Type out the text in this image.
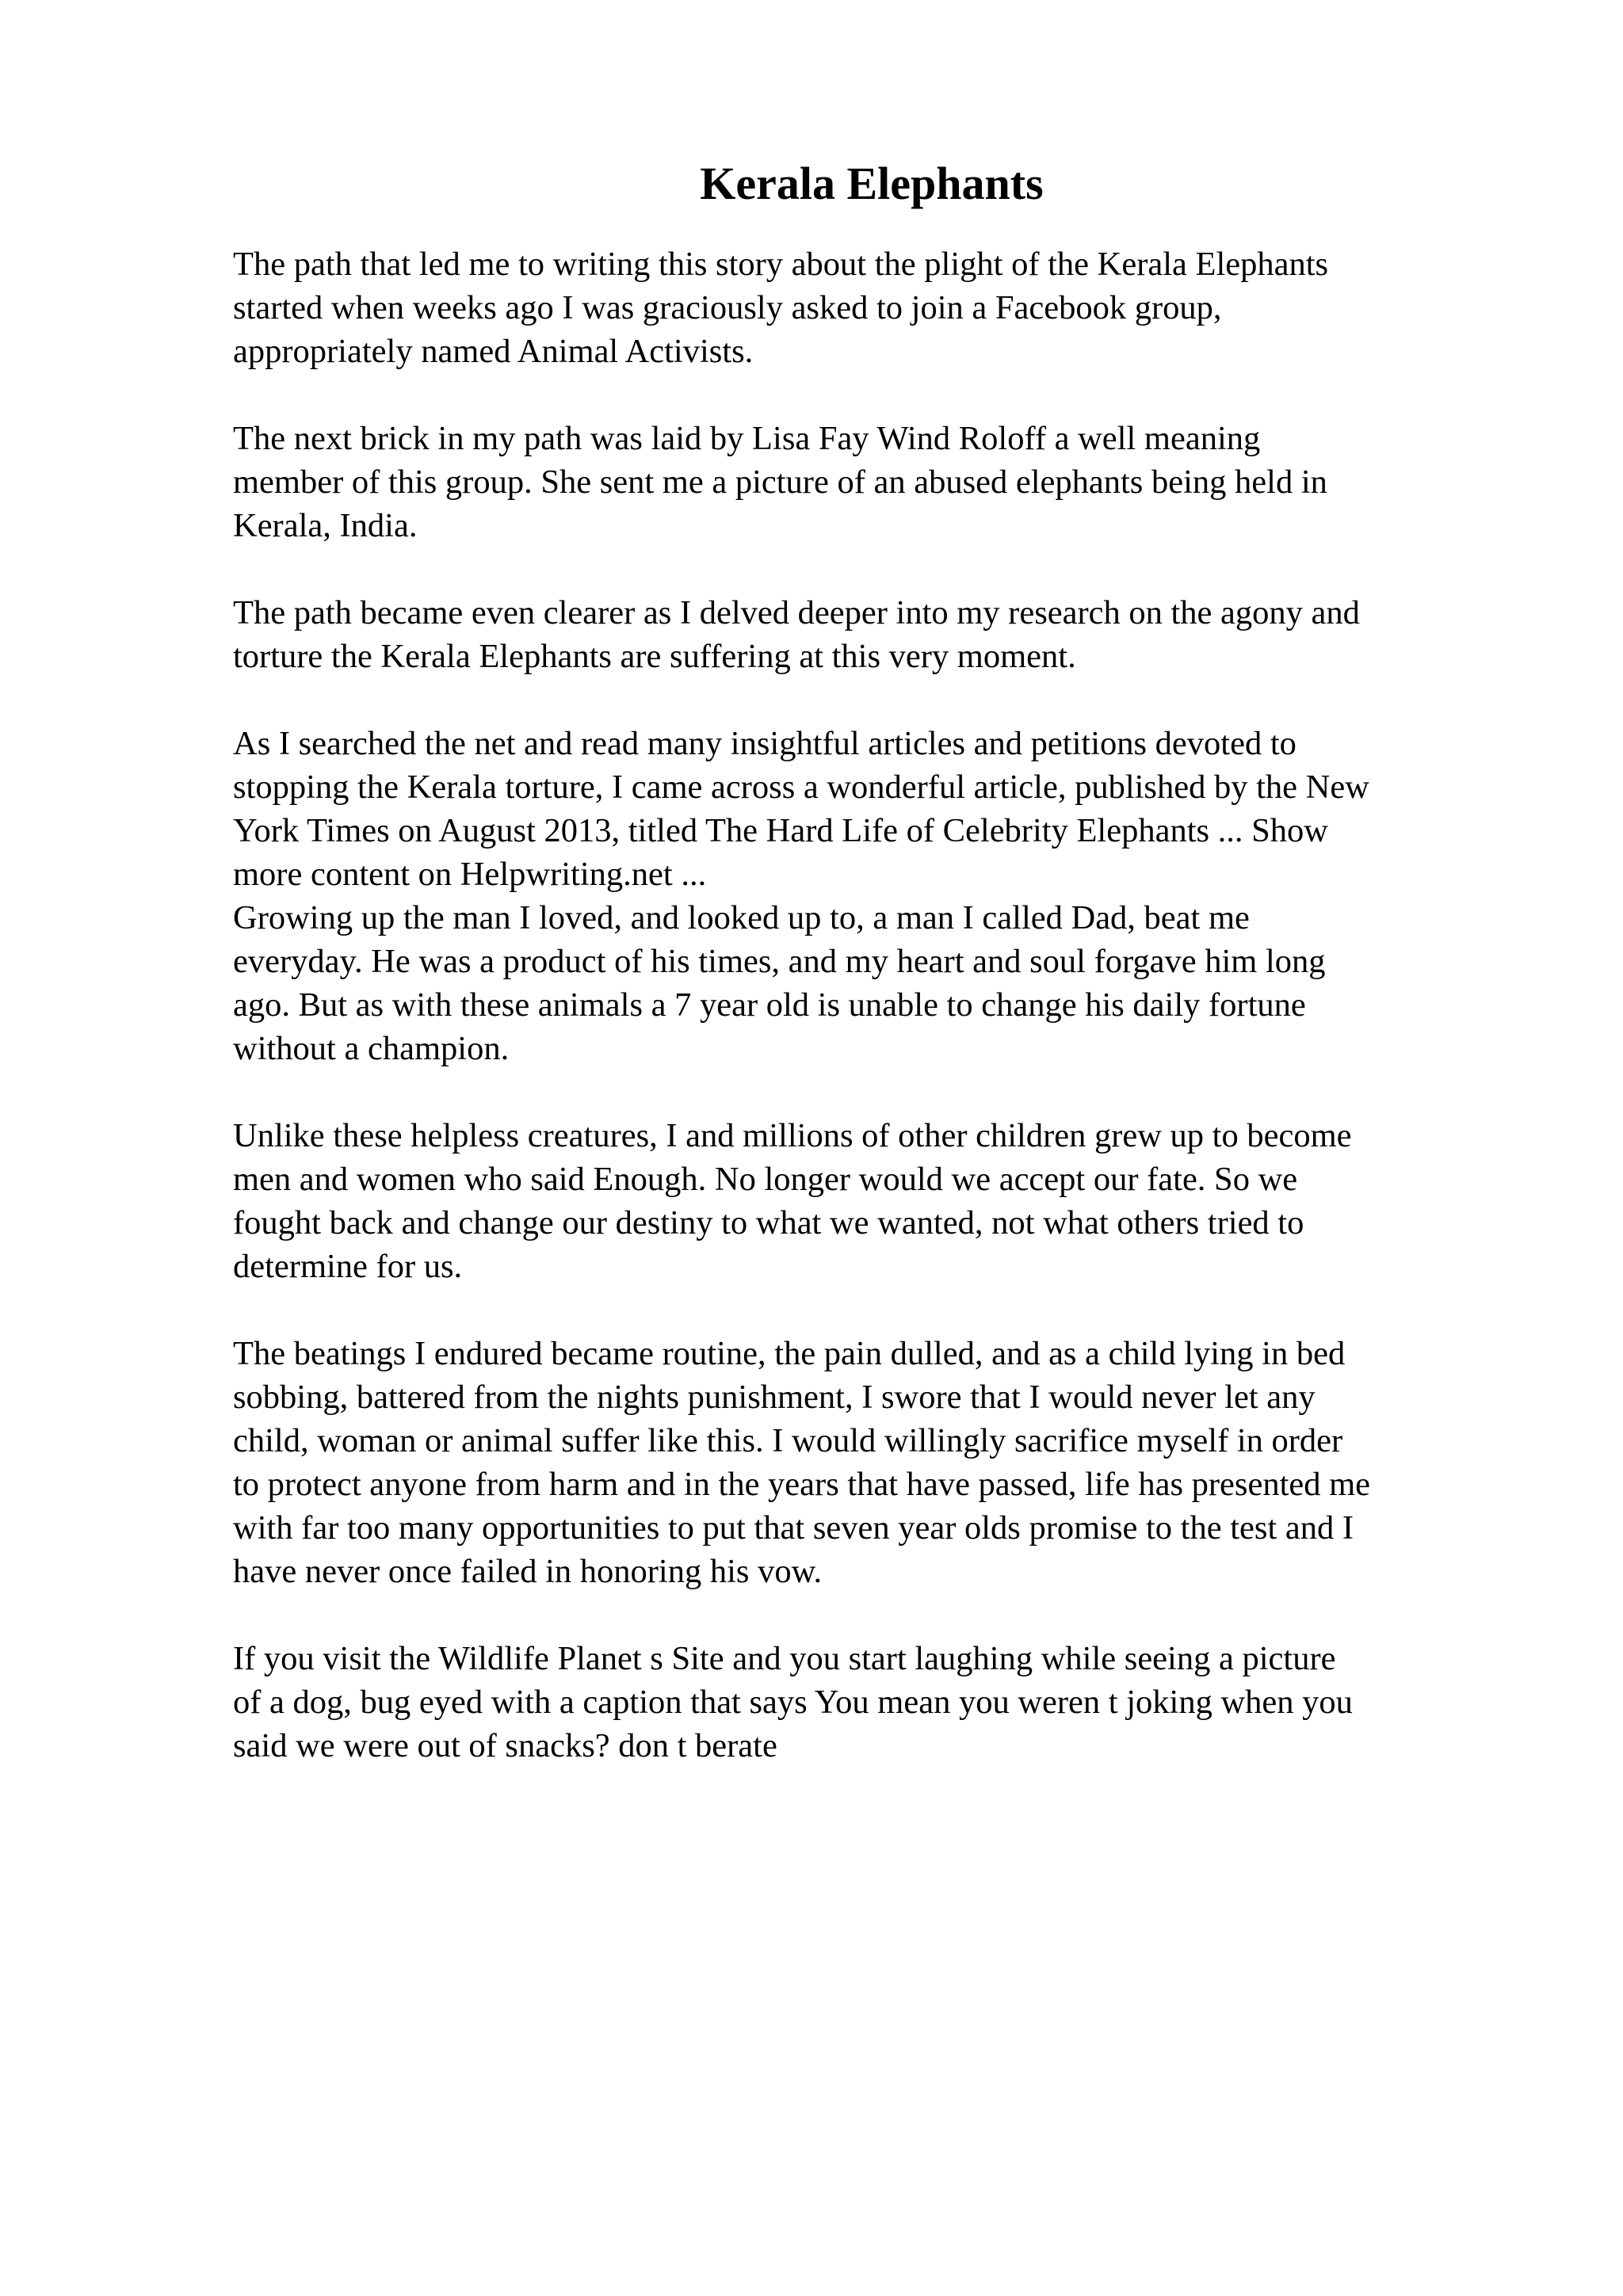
Kerala Elephants

The path that led me to writing this story about the plight of the Kerala Elephants
started when weeks ago I was graciously asked to join a Facebook group,
appropriately named Animal Activists.

The next brick in my path was laid by Lisa Fay Wind Roloff a well meaning
member of this group. She sent me a picture of an abused elephants being held in
Kerala, India.

The path became even clearer as I delved deeper into my research on the agony and
torture the Kerala Elephants are suffering at this very moment.

As I searched the net and read many insightful articles and petitions devoted to
stopping the Kerala torture, I came across a wonderful article, published by the New
York Times on August 2013, titled The Hard Life of Celebrity Elephants ... Show
more content on Helpwriting.net ...

Growing up the man I loved, and looked up to, a man I called Dad, beat me
everyday. He was a product of his times, and my heart and soul forgave him long
ago. But as with these animals a 7 year old is unable to change his daily fortune
without a champion.

Unlike these helpless creatures, I and millions of other children grew up to become
men and women who said Enough. No longer would we accept our fate. So we
fought back and change our destiny to what we wanted, not what others tried to
determine for us.

The beatings I endured became routine, the pain dulled, and as a child lying in bed
sobbing, battered from the nights punishment, I swore that I would never let any
child, woman or animal suffer like this. I would willingly sacrifice myself in order
to protect anyone from harm and in the years that have passed, life has presented me
with far too many opportunities to put that seven year olds promise to the test and I
have never once failed in honoring his vow.

If you visit the Wildlife Planet s Site and you start laughing while seeing a picture
of a dog, bug eyed with a caption that says You mean you weren t joking when you
said we were out of snacks? don t berate
